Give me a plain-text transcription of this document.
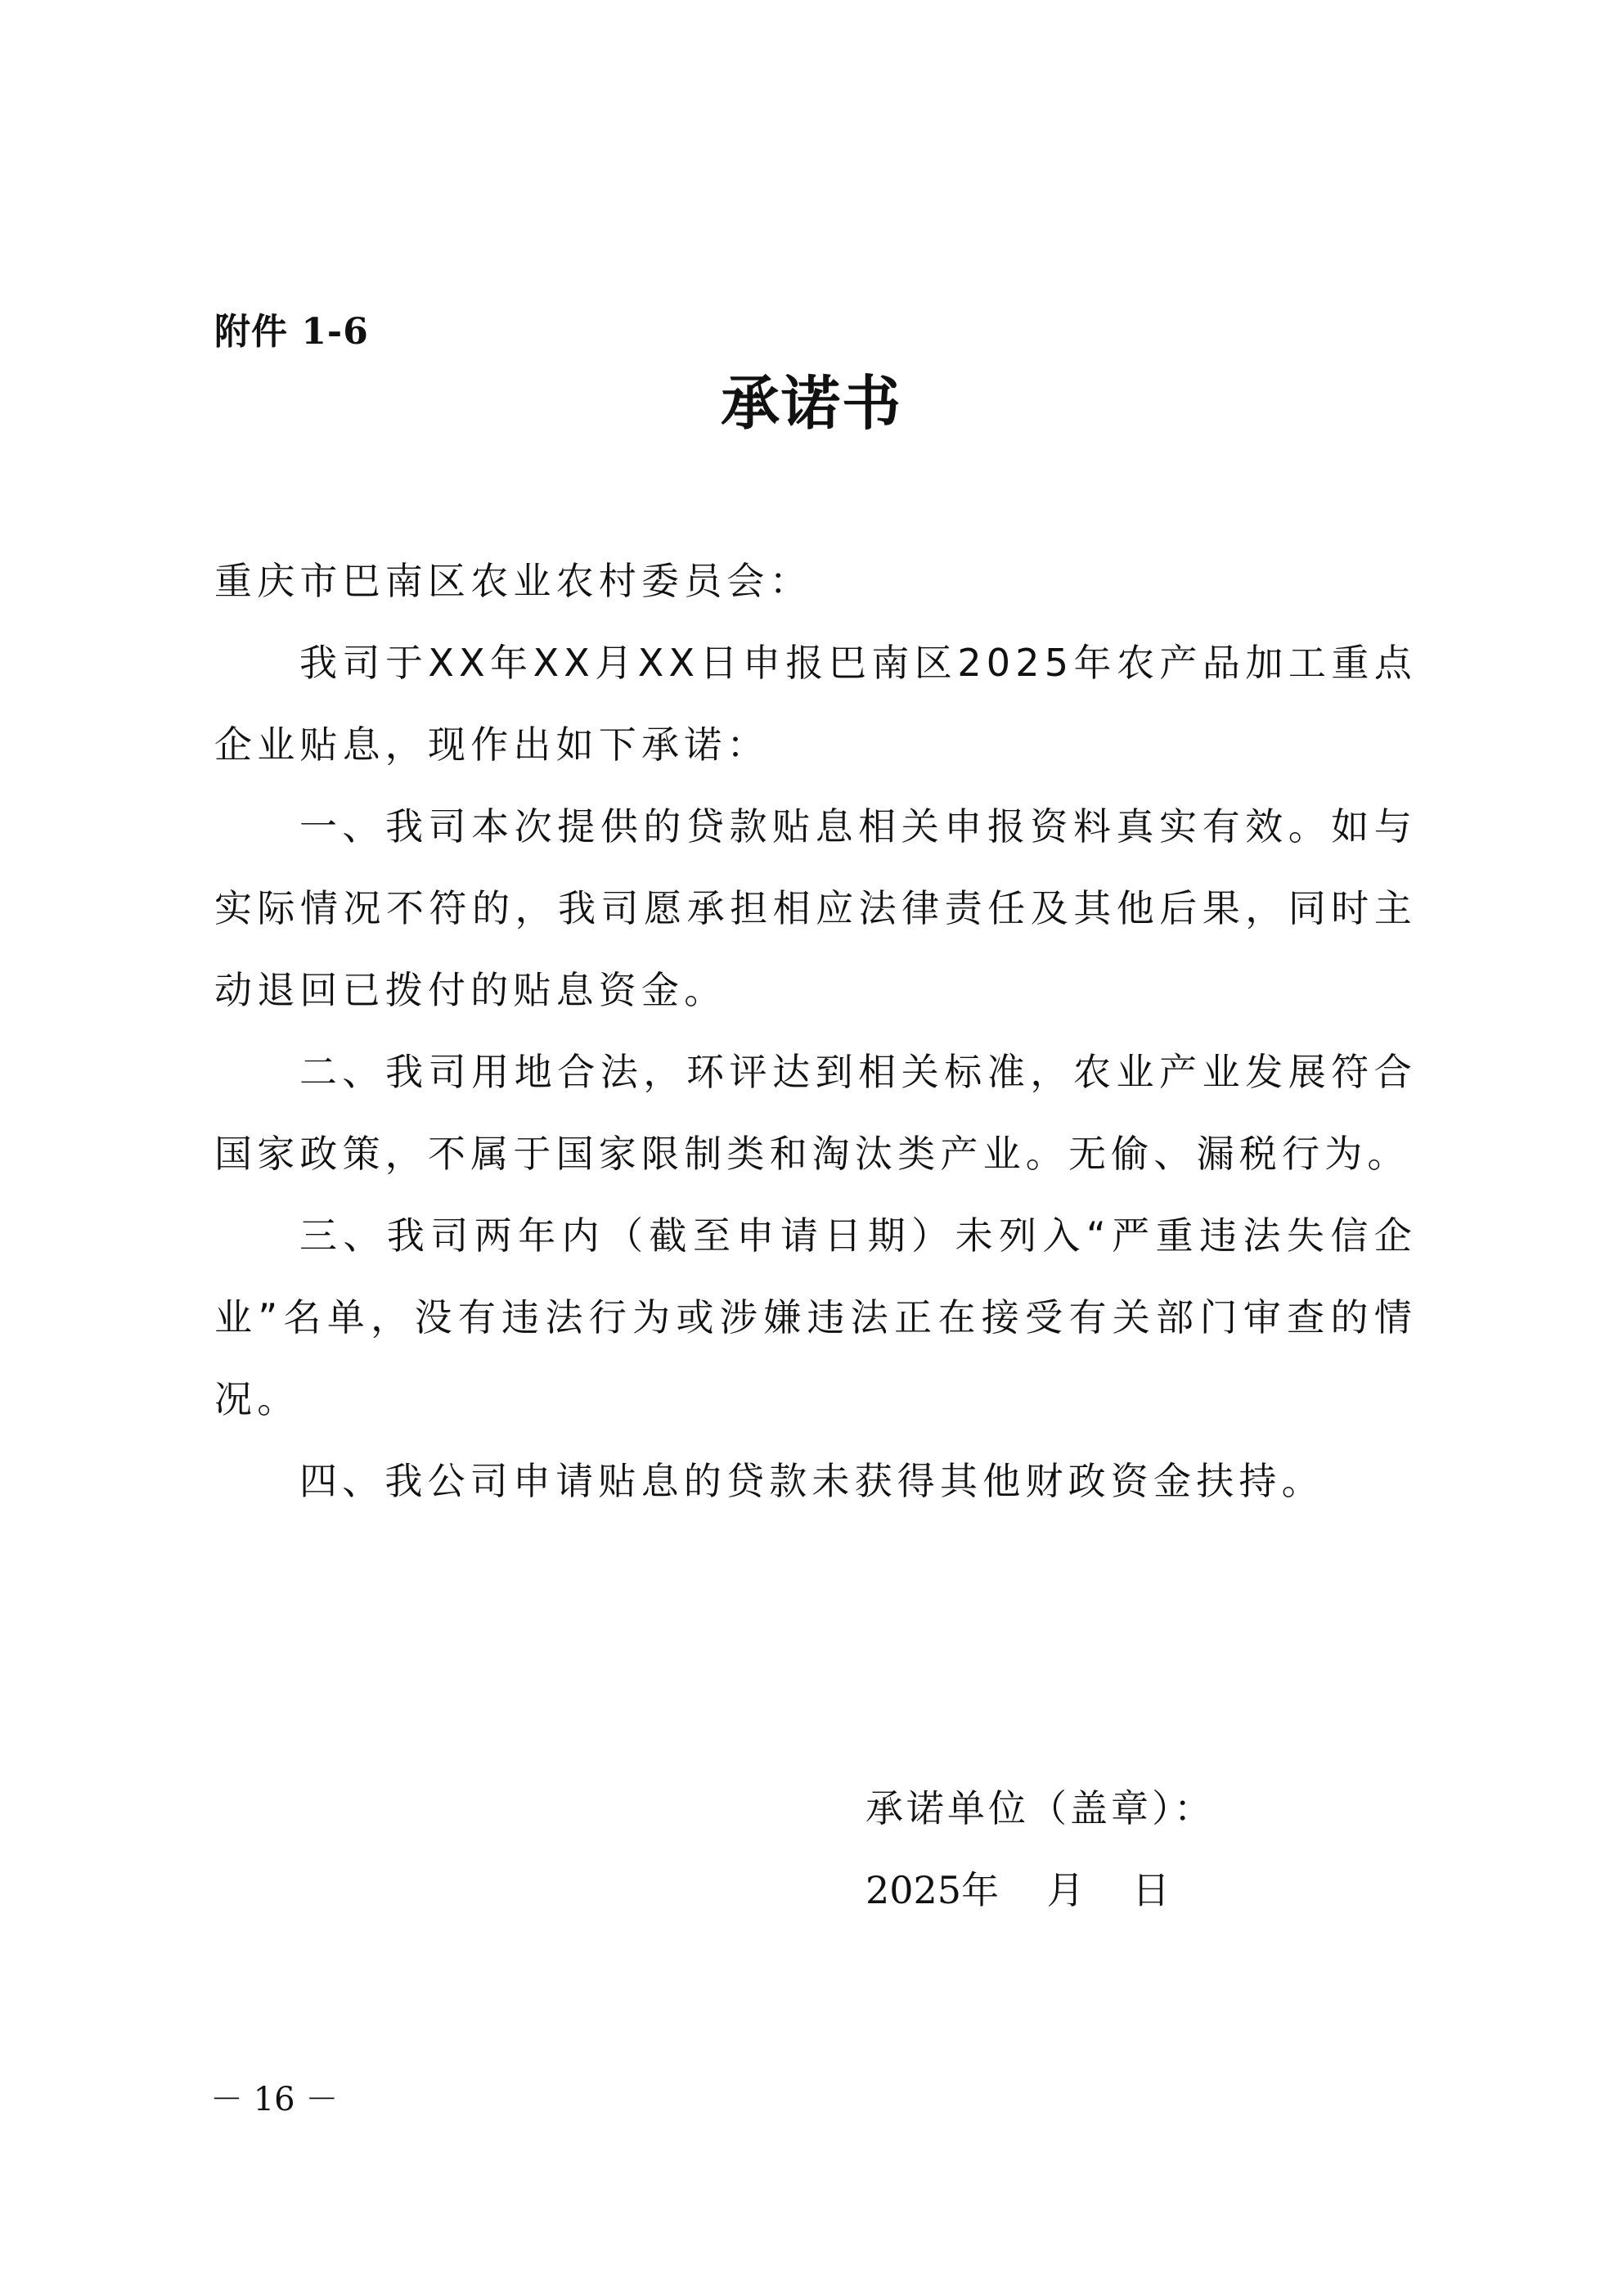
附件 1-6
承诺书

重庆市巴南区农业农村委员会：

我司于XX年XX月XX日申报巴南区2025年农产品加工重点企业贴息，现作出如下承诺：

一、我司本次提供的贷款贴息相关申报资料真实有效。如与实际情况不符的，我司愿承担相应法律责任及其他后果，同时主动退回已拨付的贴息资金。

二、我司用地合法，环评达到相关标准，农业产业发展符合国家政策，不属于国家限制类和淘汰类产业。无偷、漏税行为。

三、我司两年内（截至申请日期）未列入“严重违法失信企业”名单，没有违法行为或涉嫌违法正在接受有关部门审查的情况。

四、我公司申请贴息的贷款未获得其他财政资金扶持。

承诺单位（盖章）：
2025年    月    日
－ 16 －
